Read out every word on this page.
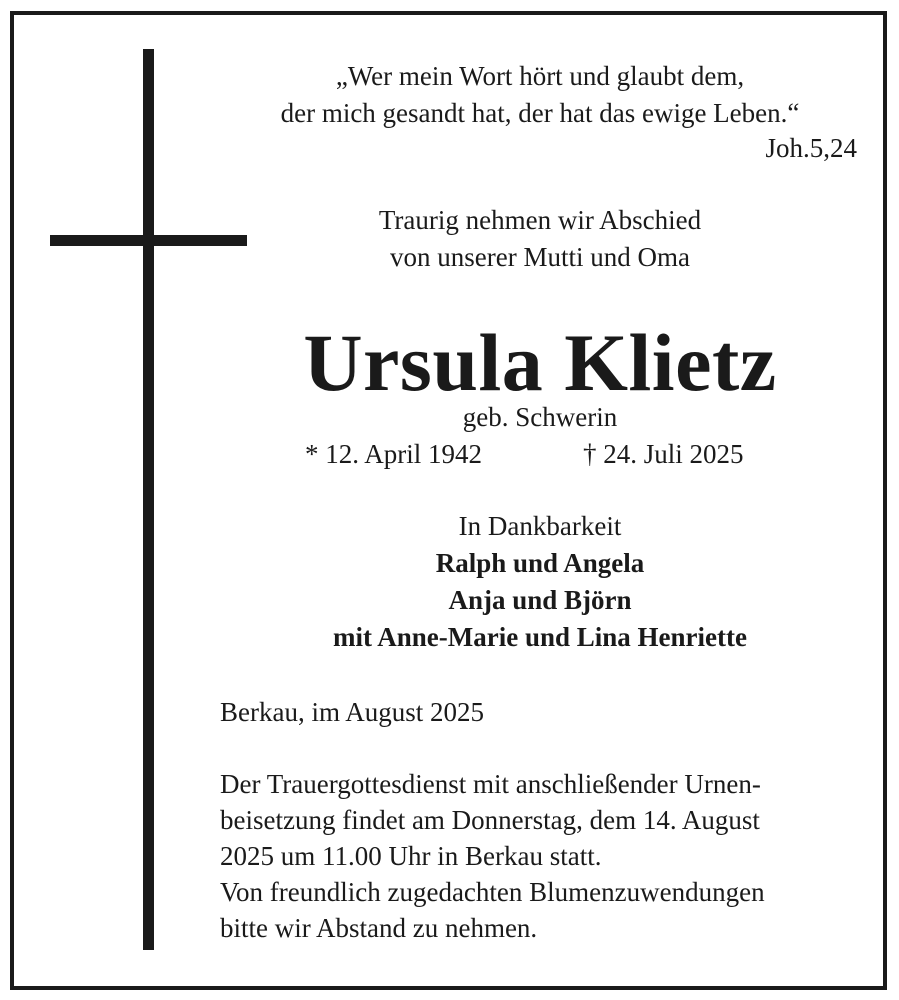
„Wer mein Wort hört und glaubt dem,
der mich gesandt hat, der hat das ewige Leben.“
Joh.5,24
Traurig nehmen wir Abschied
von unserer Mutti und Oma
Ursula Klietz
geb. Schwerin
* 12. April 1942	† 24. Juli 2025
In Dankbarkeit
Ralph und Angela
Anja und Björn
mit Anne-Marie und Lina Henriette
Berkau, im August 2025
Der Trauergottesdienst mit anschließender Urnen-
beisetzung findet am Donnerstag, dem 14. August
2025 um 11.00 Uhr in Berkau statt.
Von freundlich zugedachten Blumenzuwendungen
bitte wir Abstand zu nehmen.
